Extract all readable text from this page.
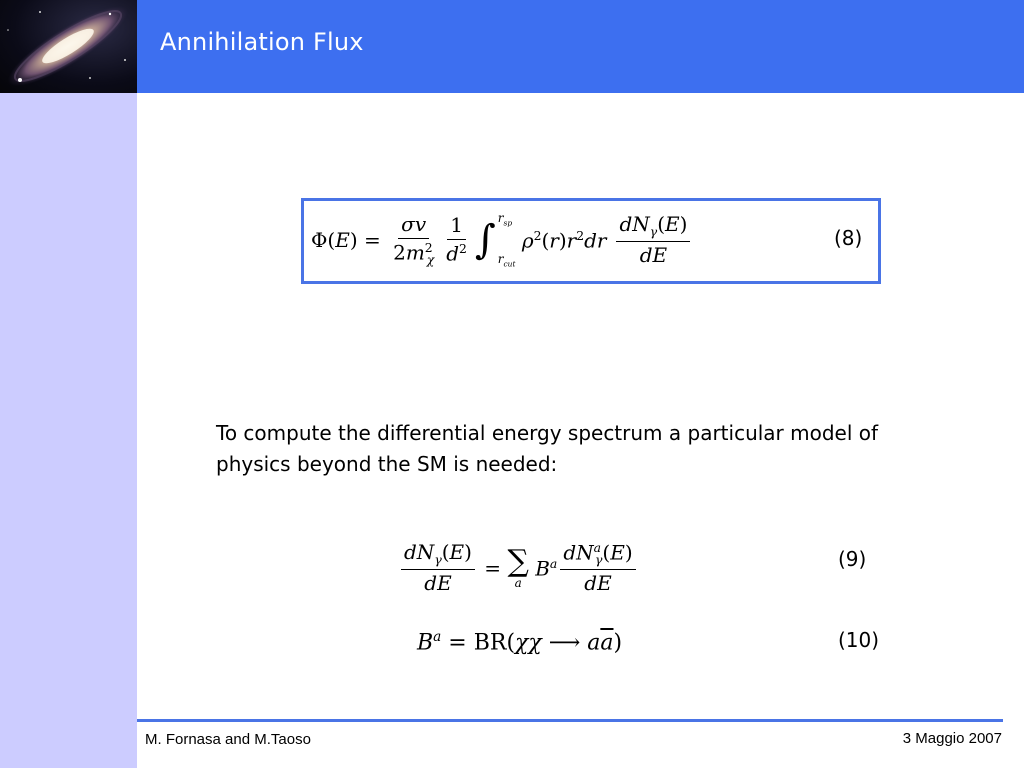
Annihilation Flux
$\Phi(E) = \frac{\sigma v}{2m^2_\chi} \frac{1}{d^2}$ ∫ $r_{sp}$
$r_{cut}$
$\rho^2(r)r^2dr \frac{dN_\gamma(E)}{dE}$	(8)
To compute the differential energy spectrum a particular model of physics beyond the SM is needed:
$\frac{dN_\gamma(E)}{dE}$ = ∑
a
$B^a \frac{dN^a_\gamma(E)}{dE}$	(9)
$B^a = BR(\chi\chi$ ⟶ $a\overline{a}$)	(10)
M. Fornasa and M.Taoso	3 Maggio 2007
